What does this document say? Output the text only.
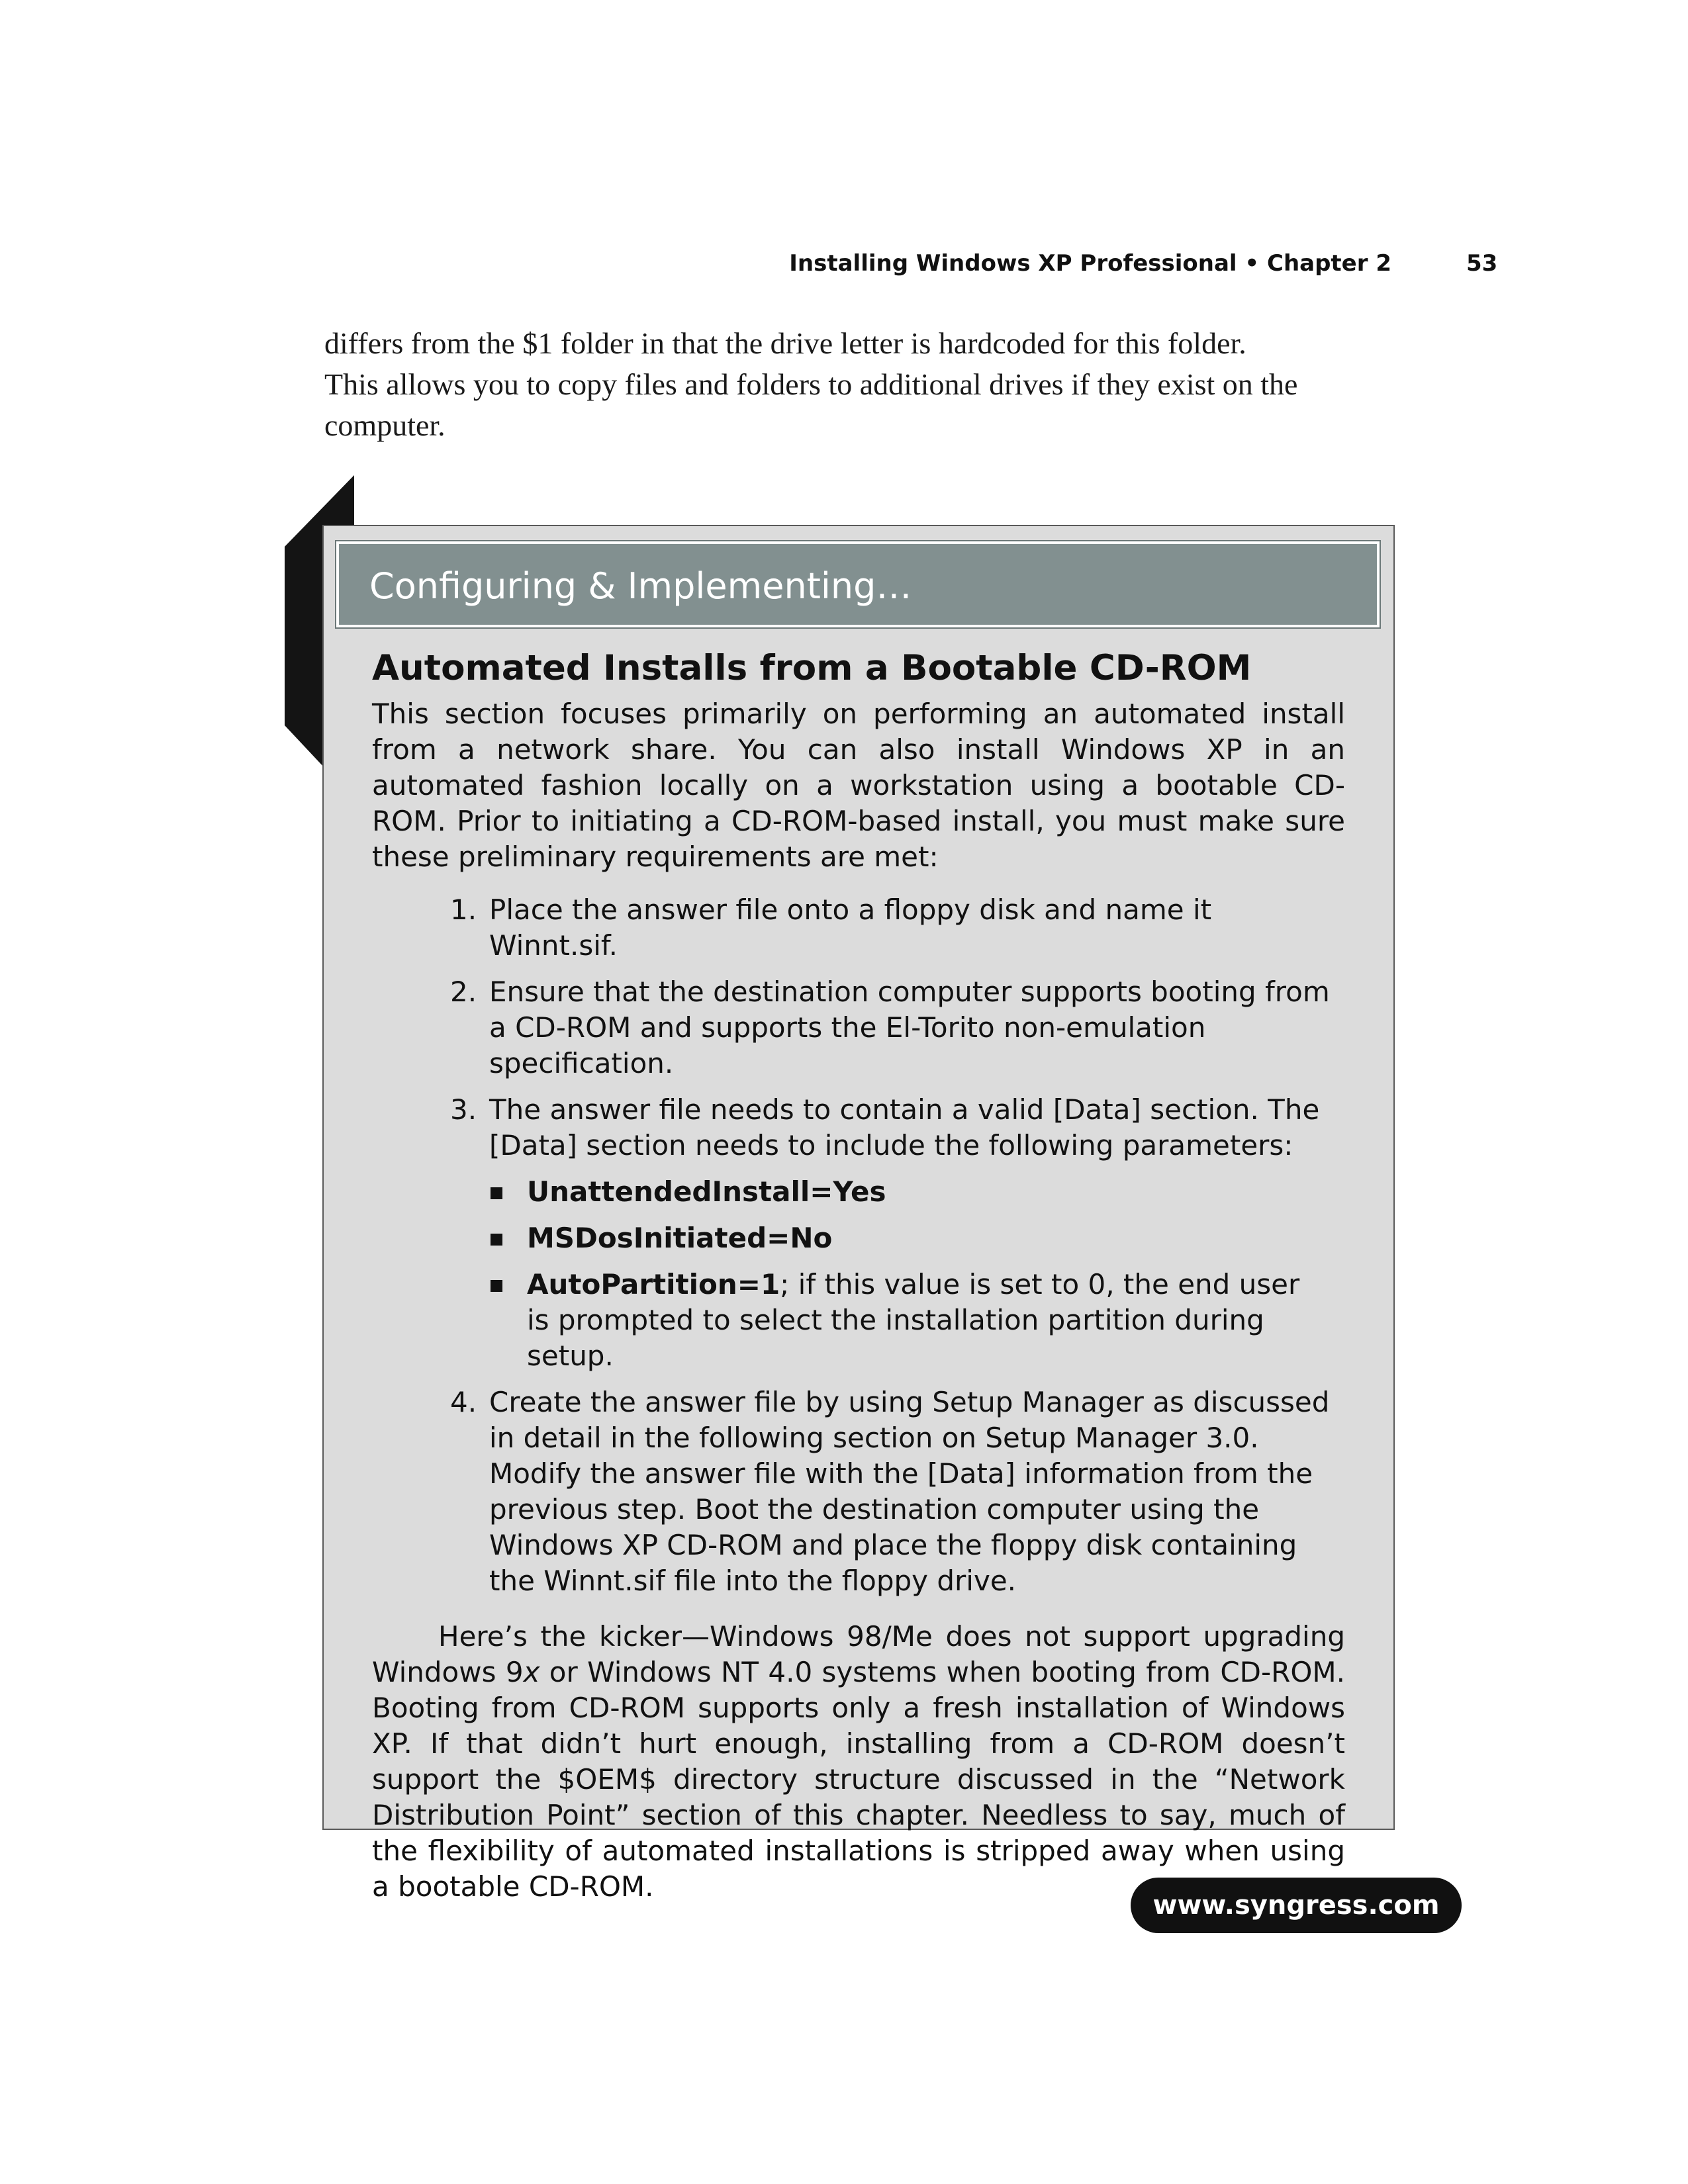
Installing Windows XP Professional • Chapter 2	53

differs from the $1 folder in that the drive letter is hardcoded for this folder.

This allows you to copy files and folders to additional drives if they exist on the

computer.

Configuring & Implementing…
Automated Installs from a Bootable CD-ROM

This section focuses primarily on performing an automated install from a network share. You can also install Windows XP in an automated fashion locally on a workstation using a bootable CD-ROM. Prior to initiating a CD-ROM-based install, you must make sure these preliminary requirements are met:

1. Place the answer file onto a floppy disk and name it Winnt.sif.
2. Ensure that the destination computer supports booting from a CD-ROM and supports the El-Torito non-emulation specification.
3. The answer file needs to contain a valid [Data] section. The [Data] section needs to include the following parameters:
UnattendedInstall=Yes
MSDosInitiated=No
AutoPartition=1; if this value is set to 0, the end user is prompted to select the installation partition during setup.
4. Create the answer file by using Setup Manager as discussed in detail in the following section on Setup Manager 3.0. Modify the answer file with the [Data] information from the previous step. Boot the destination computer using the Windows XP CD-ROM and place the floppy disk containing the Winnt.sif file into the floppy drive.

Here’s the kicker—Windows 98/Me does not support upgrading Windows 9x or Windows NT 4.0 systems when booting from CD-ROM. Booting from CD-ROM supports only a fresh installation of Windows XP. If that didn’t hurt enough, installing from a CD-ROM doesn’t support the $OEM$ directory structure discussed in the “Network Distribution Point” section of this chapter. Needless to say, much of the flexibility of automated installations is stripped away when using a bootable CD-ROM.

www.syngress.com
